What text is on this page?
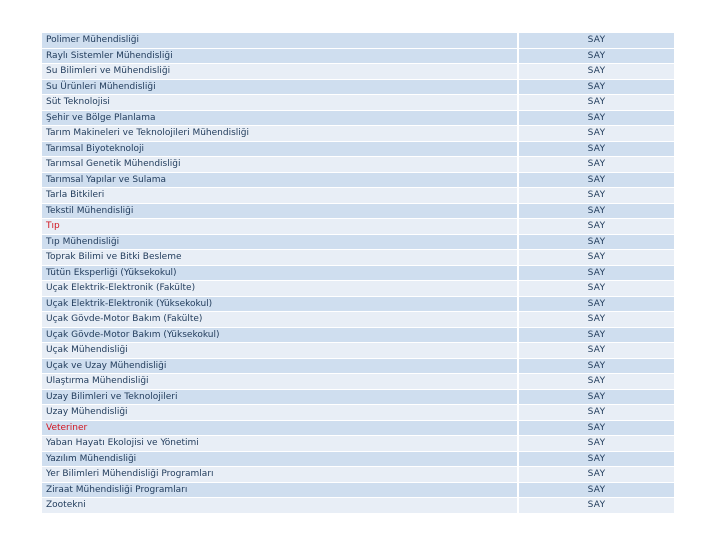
Polimer Mühendisliği		SAY
Raylı Sistemler Mühendisliği		SAY
Su Bilimleri ve Mühendisliği		SAY
Su Ürünleri Mühendisliği		SAY
Süt Teknolojisi		SAY
Şehir ve Bölge Planlama		SAY
Tarım Makineleri ve Teknolojileri Mühendisliği		SAY
Tarımsal Biyoteknoloji		SAY
Tarımsal Genetik Mühendisliği		SAY
Tarımsal Yapılar ve Sulama		SAY
Tarla Bitkileri		SAY
Tekstil Mühendisliği		SAY
Tıp		SAY
Tıp Mühendisliği		SAY
Toprak Bilimi ve Bitki Besleme		SAY
Tütün Eksperliği (Yüksekokul)		SAY
Uçak Elektrik-Elektronik (Fakülte)		SAY
Uçak Elektrik-Elektronik (Yüksekokul)		SAY
Uçak Gövde-Motor Bakım (Fakülte)		SAY
Uçak Gövde-Motor Bakım (Yüksekokul)		SAY
Uçak Mühendisliği		SAY
Uçak ve Uzay Mühendisliği		SAY
Ulaştırma Mühendisliği		SAY
Uzay Bilimleri ve Teknolojileri		SAY
Uzay Mühendisliği		SAY
Veteriner		SAY
Yaban Hayatı Ekolojisi ve Yönetimi		SAY
Yazılım Mühendisliği		SAY
Yer Bilimleri Mühendisliği Programları		SAY
Ziraat Mühendisliği Programları		SAY
Zootekni		SAY
